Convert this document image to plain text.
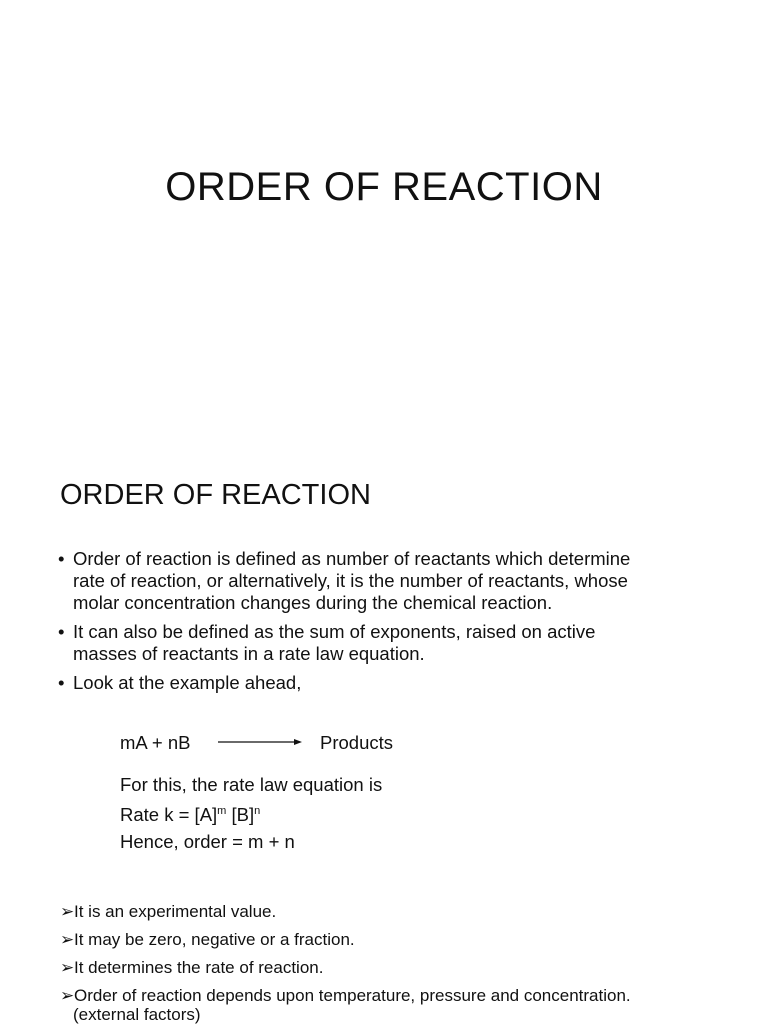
ORDER OF REACTION
ORDER OF REACTION
• Order of reaction is defined as number of reactants which determine
rate of reaction, or alternatively, it is the number of reactants, whose
molar concentration changes during the chemical reaction.
• It can also be defined as the sum of exponents, raised on active
masses of reactants in a rate law equation.
• Look at the example ahead,
mA + nB	Products
For this, the rate law equation is
Rate $k = [A]^m$ $[B]^n$
Hence, order = m + n
➢It is an experimental value.
➢It may be zero, negative or a fraction.
➢It determines the rate of reaction.
➢Order of reaction depends upon temperature, pressure and concentration.
(external factors)
